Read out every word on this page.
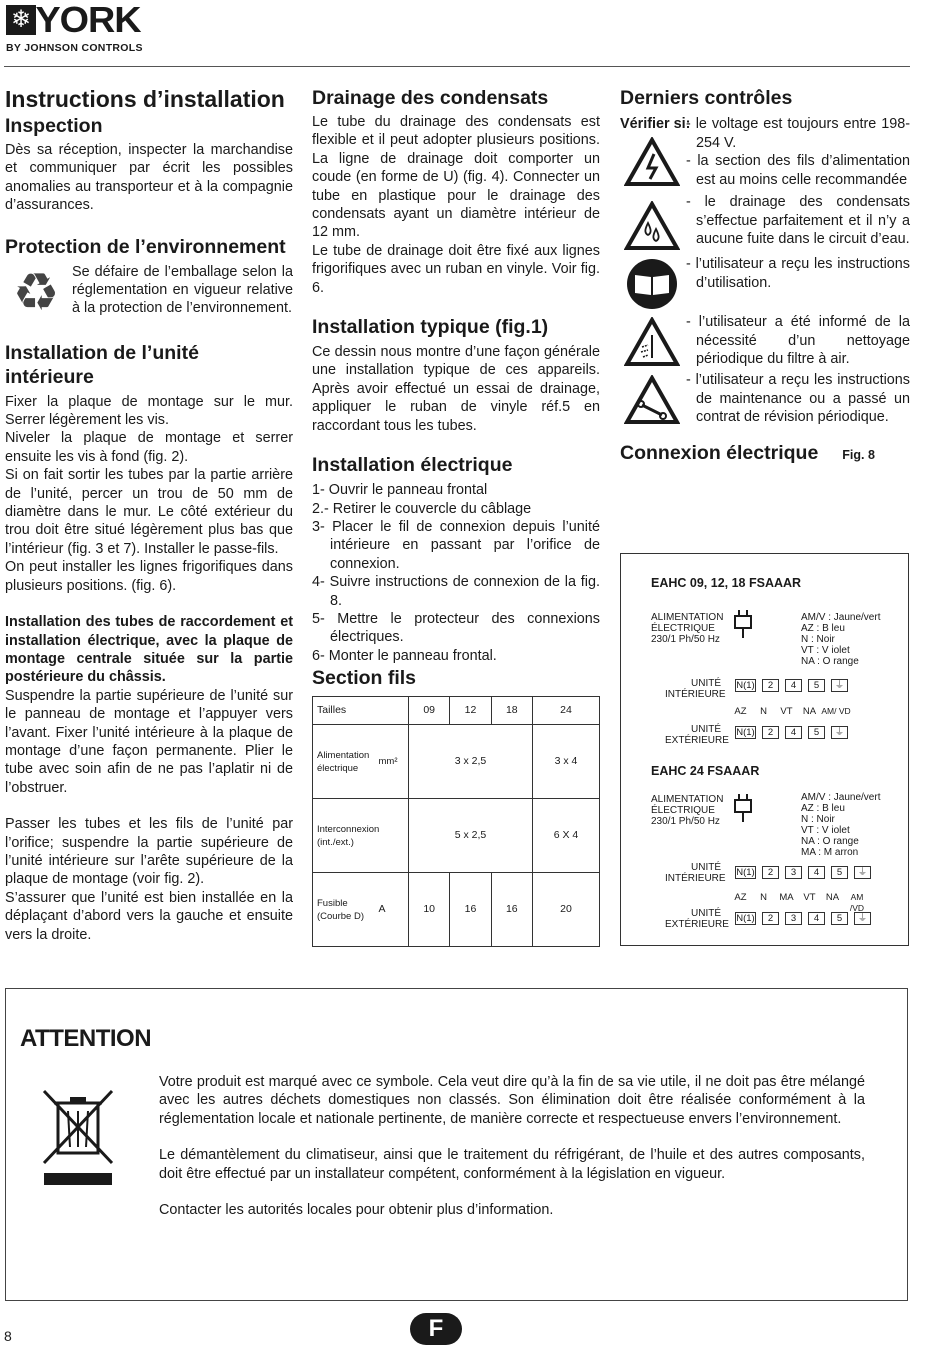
❄ YORK
BY JOHNSON CONTROLS
Instructions d’installation
Inspection

Dès sa réception, inspecter la marchandise et communiquer par écrit les possibles anomalies au transporteur et à la compagnie d’assurances.

Protection de l’environnement
♻ Se défaire de l’emballage selon la réglementation en vigueur relative à la protection de l’environnement.

Installation de l’unité intérieure

Fixer la plaque de montage sur le mur. Serrer légèrement les vis.

Niveler la plaque de montage et serrer ensuite les vis à fond (fig. 2).

Si on fait sortir les tubes par la partie arrière de l’unité, percer un trou de 50 mm de diamètre dans le mur. Le côté extérieur du trou doit être situé légèrement plus bas que l’intérieur (fig. 3 et 7). Installer le passe-fils.

On peut installer les lignes frigorifiques dans plusieurs positions. (fig. 6).

Installation des tubes de raccordement et installation électrique, avec la plaque de montage centrale située sur la partie postérieure du châssis.

Suspendre la partie supérieure de l’unité sur le panneau de montage et l’appuyer vers l’avant. Fixer l’unité intérieure à la plaque de montage d’une façon permanente. Plier le tube avec soin afin de ne pas l’aplatir ni de l’obstruer.

Passer les tubes et les fils de l’unité par l’orifice; suspendre la partie supérieure de l’unité intérieure sur l’arête supérieure de la plaque de montage (voir fig. 2).

S’assurer que l’unité est bien installée en la déplaçant d’abord vers la gauche et ensuite vers la droite.

Drainage des condensats

Le tube du drainage des condensats est flexible et il peut adopter plusieurs positions. La ligne de drainage doit comporter un coude (en forme de U) (fig. 4). Connecter un tube en plastique pour le drainage des condensats ayant un diamètre intérieur de 12 mm.

Le tube de drainage doit être fixé aux lignes frigorifiques avec un ruban en vinyle. Voir fig. 6.

Installation typique (fig.1)

Ce dessin nous montre d’une façon générale une installation typique de ces appareils. Après avoir effectué un essai de drainage, appliquer le ruban de vinyle réf.5 en raccordant tous les tubes.

Installation électrique

1- Ouvrir le panneau frontal

2.- Retirer le couvercle du câblage

3- Placer le fil de connexion depuis l’unité intérieure en passant par l’orifice de connexion.

4- Suivre instructions de connexion de la fig. 8.

5- Mettre le protecteur des connexions électriques.

6- Monter le panneau frontal.

Section fils
Tailles		09	12	18	24
Alimentation électrique	mm²	3 x 2,5			3 x 4
Interconnexion (int./ext.)		5 x 2,5			6 X 4
Fusible (Courbe D)	A	10	16	16	20
Derniers contrôles

Vérifier si:

- le voltage est toujours entre 198-254 V.

- la section des fils d’alimentation est au moins celle recommandée

- le drainage des condensats s’effectue parfaitement et il n’y a aucune fuite dans le circuit d’eau.

- l’utilisateur a reçu les instructions d’utilisation.

- l’utilisateur a été informé de la nécessité d’un nettoyage périodique du filtre à air.

- l’utilisateur a reçu les instructions de maintenance ou a passé un contrat de révision périodique.

Connexion électrique Fig. 8
EAHC 09, 12, 18 FSAAAR
ALIMENTATION
ÉLECTRIQUE
230/1 Ph/50 Hz
AM/V : Jaune/vert
AZ : B leu
N : Noir
VT : V iolet
NA : O range
UNITÉ
INTÉRIEURE
N(1)	2	4	5	⏚
AZ	N	VT	NA AM/ VD
UNITÉ
EXTÉRIEURE
N(1)	2	4	5	⏚
EAHC 24 FSAAAR
ALIMENTATION
ÉLECTRIQUE
230/1 Ph/50 Hz
AM/V : Jaune/vert
AZ : B leu
N : Noir
VT : V iolet
NA : O range
MA : M arron
UNITÉ
INTÉRIEURE
N(1)	2	3	4	5	⏚
AZ	N	MA	VT	NA	AM /VD
UNITÉ
EXTÉRIEURE
N(1)	2	3	4	5	⏚
ATTENTION

Votre produit est marqué avec ce symbole. Cela veut dire qu’à la fin de sa vie utile, il ne doit pas être mélangé avec les autres déchets domestiques non classés. Son élimination doit être réalisée conformément à la réglementation locale et nationale pertinente, de manière correcte et respectueuse envers l’environnement.

Le démantèlement du climatiseur, ainsi que le traitement du réfrigérant, de l’huile et des autres composants, doit être effectué par un installateur compétent, conformément à la législation en vigueur.

Contacter les autorités locales pour obtenir plus d’information.

8	F
